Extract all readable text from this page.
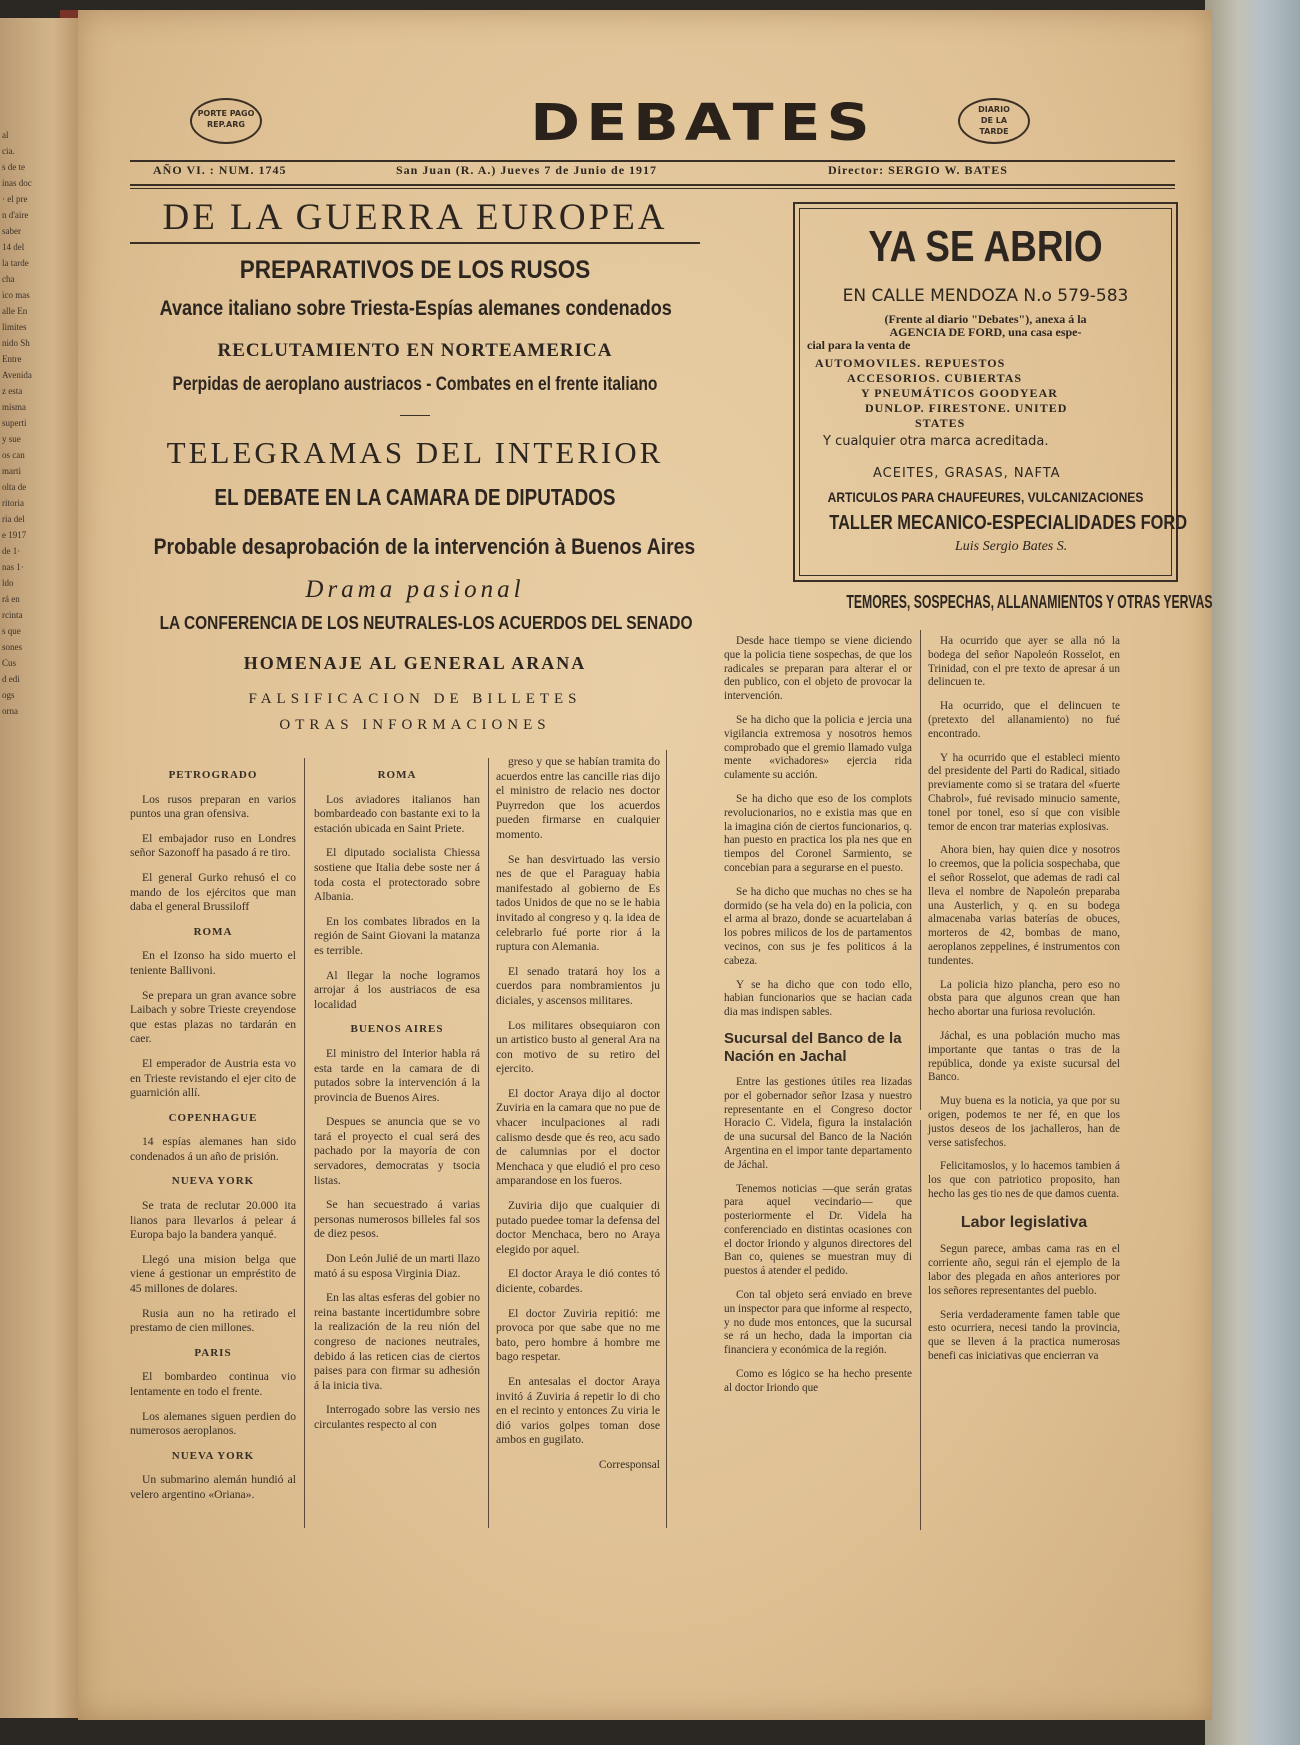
al
cia.
s de te
inas doc
· el pre
n d'aire
saber
14 del
la tarde
cha
ico mas
alle En
limites
nido Sh
Entre
Avenida
z esta
misma
superti
y sue
os can
marti
olta de
ritoria
ria del
e 1917
de 1·
nas 1·
ldo
rá en
rcinta
s que
sones
Cus
d edi
ogs
orna
PORTE PAGO
REP.ARG	DEBATES	DIARIO
DE LA
TARDE
AÑO VI. : NUM. 1745	San Juan (R. A.) Jueves 7 de Junio de 1917	Director: SERGIO W. BATES
DE LA GUERRA EUROPEA
PREPARATIVOS DE LOS RUSOS
Avance italiano sobre Triesta-Espías alemanes condenados
RECLUTAMIENTO EN NORTEAMERICA
Perpidas de aeroplano austriacos - Combates en el frente italiano
TELEGRAMAS DEL INTERIOR
EL DEBATE EN LA CAMARA DE DIPUTADOS
Probable desaprobación de la intervención à Buenos Aires
Drama pasional
LA CONFERENCIA DE LOS NEUTRALES-LOS ACUERDOS DEL SENADO
HOMENAJE AL GENERAL ARANA
FALSIFICACION DE BILLETES
OTRAS INFORMACIONES
YA SE ABRIO
EN CALLE MENDOZA N.o 579-583
(Frente al diario "Debates"), anexa á la
AGENCIA DE FORD, una casa espe-
cial para la venta de
AUTOMOVILES. REPUESTOS
ACCESORIOS. CUBIERTAS
Y PNEUMÁTICOS GOODYEAR
DUNLOP. FIRESTONE. UNITED
STATES
Y cualquier otra marca acreditada.
ACEITES, GRASAS, NAFTA
ARTICULOS PARA CHAUFEURES, VULCANIZACIONES
TALLER MECANICO-ESPECIALIDADES FORD
Luis Sergio Bates S.
TEMORES, SOSPECHAS, ALLANAMIENTOS Y OTRAS YERVAS

PETROGRADO

Los rusos preparan en varios puntos una gran ofensiva.

El embajador ruso en Londres señor Sazonoff ha pasado á re tiro.

El general Gurko rehusó el co mando de los ejércitos que man daba el general Brussiloff

ROMA

En el Izonso ha sido muerto el teniente Ballivoni.

Se prepara un gran avance sobre Laibach y sobre Trieste creyendose que estas plazas no tardarán en caer.

El emperador de Austria esta vo en Trieste revistando el ejer cito de guarnición allí.

COPENHAGUE

14 espías alemanes han sido condenados á un año de prisión.

NUEVA YORK

Se trata de reclutar 20.000 ita lianos para llevarlos á pelear á Europa bajo la bandera yanqué.

Llegó una mision belga que viene á gestionar un empréstito de 45 millones de dolares.

Rusia aun no ha retirado el prestamo de cien millones.

PARIS

El bombardeo continua vio lentamente en todo el frente.

Los alemanes siguen perdien do numerosos aeroplanos.

NUEVA YORK

Un submarino alemán hundió al velero argentino «Oriana».

ROMA

Los aviadores italianos han bombardeado con bastante exi to la estación ubicada en Saint Priete.

El diputado socialista Chiessa sostiene que Italia debe soste ner á toda costa el protectorado sobre Albania.

En los combates librados en la región de Saint Giovani la matanza es terrible.

Al llegar la noche logramos arrojar á los austriacos de esa localidad

BUENOS AIRES

El ministro del Interior habla rá esta tarde en la camara de di putados sobre la intervención á la provincia de Buenos Aires.

Despues se anuncia que se vo tará el proyecto el cual será des pachado por la mayoría de con servadores, democratas y tsocia listas.

Se han secuestrado á varias personas numerosos billeles fal sos de diez pesos.

Don León Julié de un marti llazo mató á su esposa Virginia Diaz.

En las altas esferas del gobier no reina bastante incertidumbre sobre la realización de la reu nión del congreso de naciones neutrales, debido á las reticen cias de ciertos paises para con firmar su adhesión á la inicia tiva.

Interrogado sobre las versio nes circulantes respecto al con

greso y que se habían tramita do acuerdos entre las cancille rias dijo el ministro de relacio nes doctor Puyrredon que los acuerdos pueden firmarse en cualquier momento.

Se han desvirtuado las versio nes de que el Paraguay habia manifestado al gobierno de Es tados Unidos de que no se le habia invitado al congreso y q. la idea de celebrarlo fué porte rior á la ruptura con Alemania.

El senado tratará hoy los a cuerdos para nombramientos ju diciales, y ascensos militares.

Los militares obsequiaron con un artistico busto al general Ara na con motivo de su retiro del ejercito.

El doctor Araya dijo al doctor Zuviria en la camara que no pue de vhacer inculpaciones al radi calismo desde que és reo, acu sado de calumnias por el doctor Menchaca y que eludió el pro ceso amparandose en los fueros.

Zuviria dijo que cualquier di putado puedee tomar la defensa del doctor Menchaca, bero no Araya elegido por aquel.

El doctor Araya le dió contes tó diciente, cobardes.

El doctor Zuviria repitió: me provoca por que sabe que no me bato, pero hombre á hombre me bago respetar.

En antesalas el doctor Araya invitó á Zuviria á repetir lo di cho en el recinto y entonces Zu viria le dió varios golpes toman dose ambos en gugilato.

Corresponsal

Desde hace tiempo se viene diciendo que la policia tiene sospechas, de que los radicales se preparan para alterar el or den publico, con el objeto de provocar la intervención.

Se ha dicho que la policia e jercia una vigilancia extremosa y nosotros hemos comprobado que el gremio llamado vulga mente «vichadores» ejercia rida culamente su acción.

Se ha dicho que eso de los complots revolucionarios, no e existia mas que en la imagina ción de ciertos funcionarios, q. han puesto en practica los pla nes que en tiempos del Coronel Sarmiento, se concebian para a segurarse en el puesto.

Se ha dicho que muchas no ches se ha dormido (se ha vela do) en la policia, con el arma al brazo, donde se acuartelaban á los pobres milicos de los de partamentos vecinos, con sus je fes politicos á la cabeza.

Y se ha dicho que con todo ello, habian funcionarios que se hacian cada dia mas indispen sables.

Sucursal del Banco de la Nación en Jachal

Entre las gestiones útiles rea lizadas por el gobernador señor Izasa y nuestro representante en el Congreso doctor Horacio C. Videla, figura la instalación de una sucursal del Banco de la Nación Argentina en el impor tante departamento de Jáchal.

Tenemos noticias —que serán gratas para aquel vecindario— que posteriormente el Dr. Videla ha conferenciado en distintas ocasiones con el doctor Iriondo y algunos directores del Ban co, quienes se muestran muy di puestos á atender el pedido.

Con tal objeto será enviado en breve un inspector para que informe al respecto, y no dude mos entonces, que la sucursal se rá un hecho, dada la importan cia financiera y económica de la región.

Como es lógico se ha hecho presente al doctor Iriondo que

Ha ocurrido que ayer se alla nó la bodega del señor Napoleón Rosselot, en Trinidad, con el pre texto de apresar á un delincuen te.

Ha ocurrido, que el delincuen te (pretexto del allanamiento) no fué encontrado.

Y ha ocurrido que el estableci miento del presidente del Parti do Radical, sitiado previamente como si se tratara del «fuerte Chabrol», fué revisado minucio samente, tonel por tonel, eso sí que con visible temor de encon trar materias explosivas.

Ahora bien, hay quien dice y nosotros lo creemos, que la policia sospechaba, que el señor Rosselot, que ademas de radi cal lleva el nombre de Napoleón preparaba una Austerlich, y q. en su bodega almacenaba varias baterías de obuces, morteros de 42, bombas de mano, aeroplanos zeppelines, é instrumentos con tundentes.

La policia hizo plancha, pero eso no obsta para que algunos crean que han hecho abortar una furiosa revolución.

Jáchal, es una población mucho mas importante que tantas o tras de la república, donde ya existe sucursal del Banco.

Muy buena es la noticia, ya que por su origen, podemos te ner fé, en que los justos deseos de los jachalleros, han de verse satisfechos.

Felicitamoslos, y lo hacemos tambien á los que con patriotico proposito, han hecho las ges tio nes de que damos cuenta.

Labor legislativa

Segun parece, ambas cama ras en el corriente año, segui rán el ejemplo de la labor des plegada en años anteriores por los señores representantes del pueblo.

Seria verdaderamente famen table que esto ocurriera, necesi tando la provincia, que se lleven á la practica numerosas benefi cas iniciativas que encierran va
